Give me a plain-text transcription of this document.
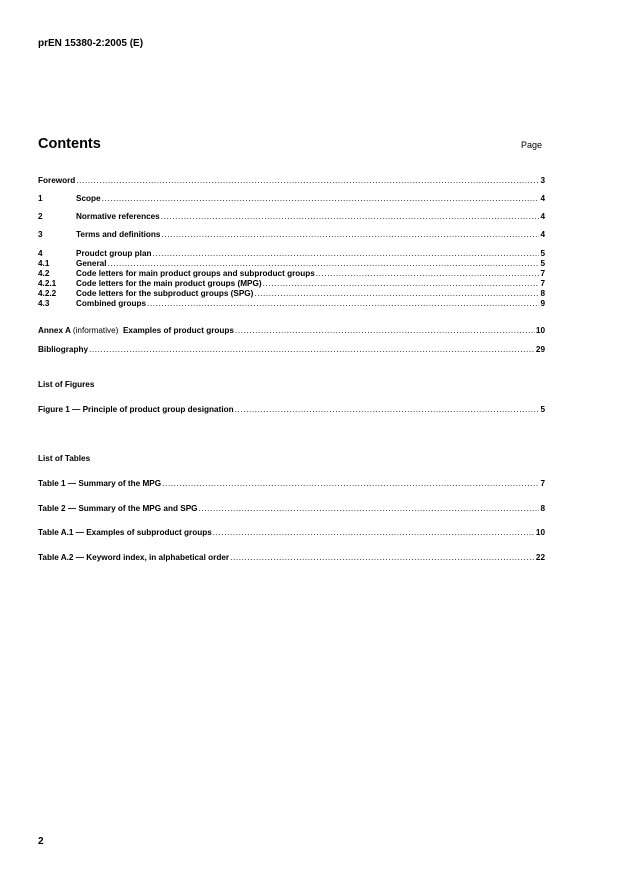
prEN 15380-2:2005 (E)
Contents	Page
Foreword .....	3
1	Scope .....	4
2	Normative references .....	4
3	Terms and definitions .....	4
4	Proudct group plan .....	5
4.1	General .....	5
4.2	Code letters for main product groups and subproduct groups .....	7
4.2.1	Code letters for the main product groups (MPG) .....	7
4.2.2	Code letters for the subproduct groups (SPG) .....	8
4.3	Combined groups .....	9
Annex A (informative) Examples of product groups .....	10
Bibliography .....	29
Figure 1 — Principle of product group designation .....	5
Table 1 — Summary of the MPG .....	7
Table 2 — Summary of the MPG and SPG .....	8
Table A.1 — Examples of subproduct groups .....	10
Table A.2 — Keyword index, in alphabetical order .....	22
List of Figures
List of Tables
2
